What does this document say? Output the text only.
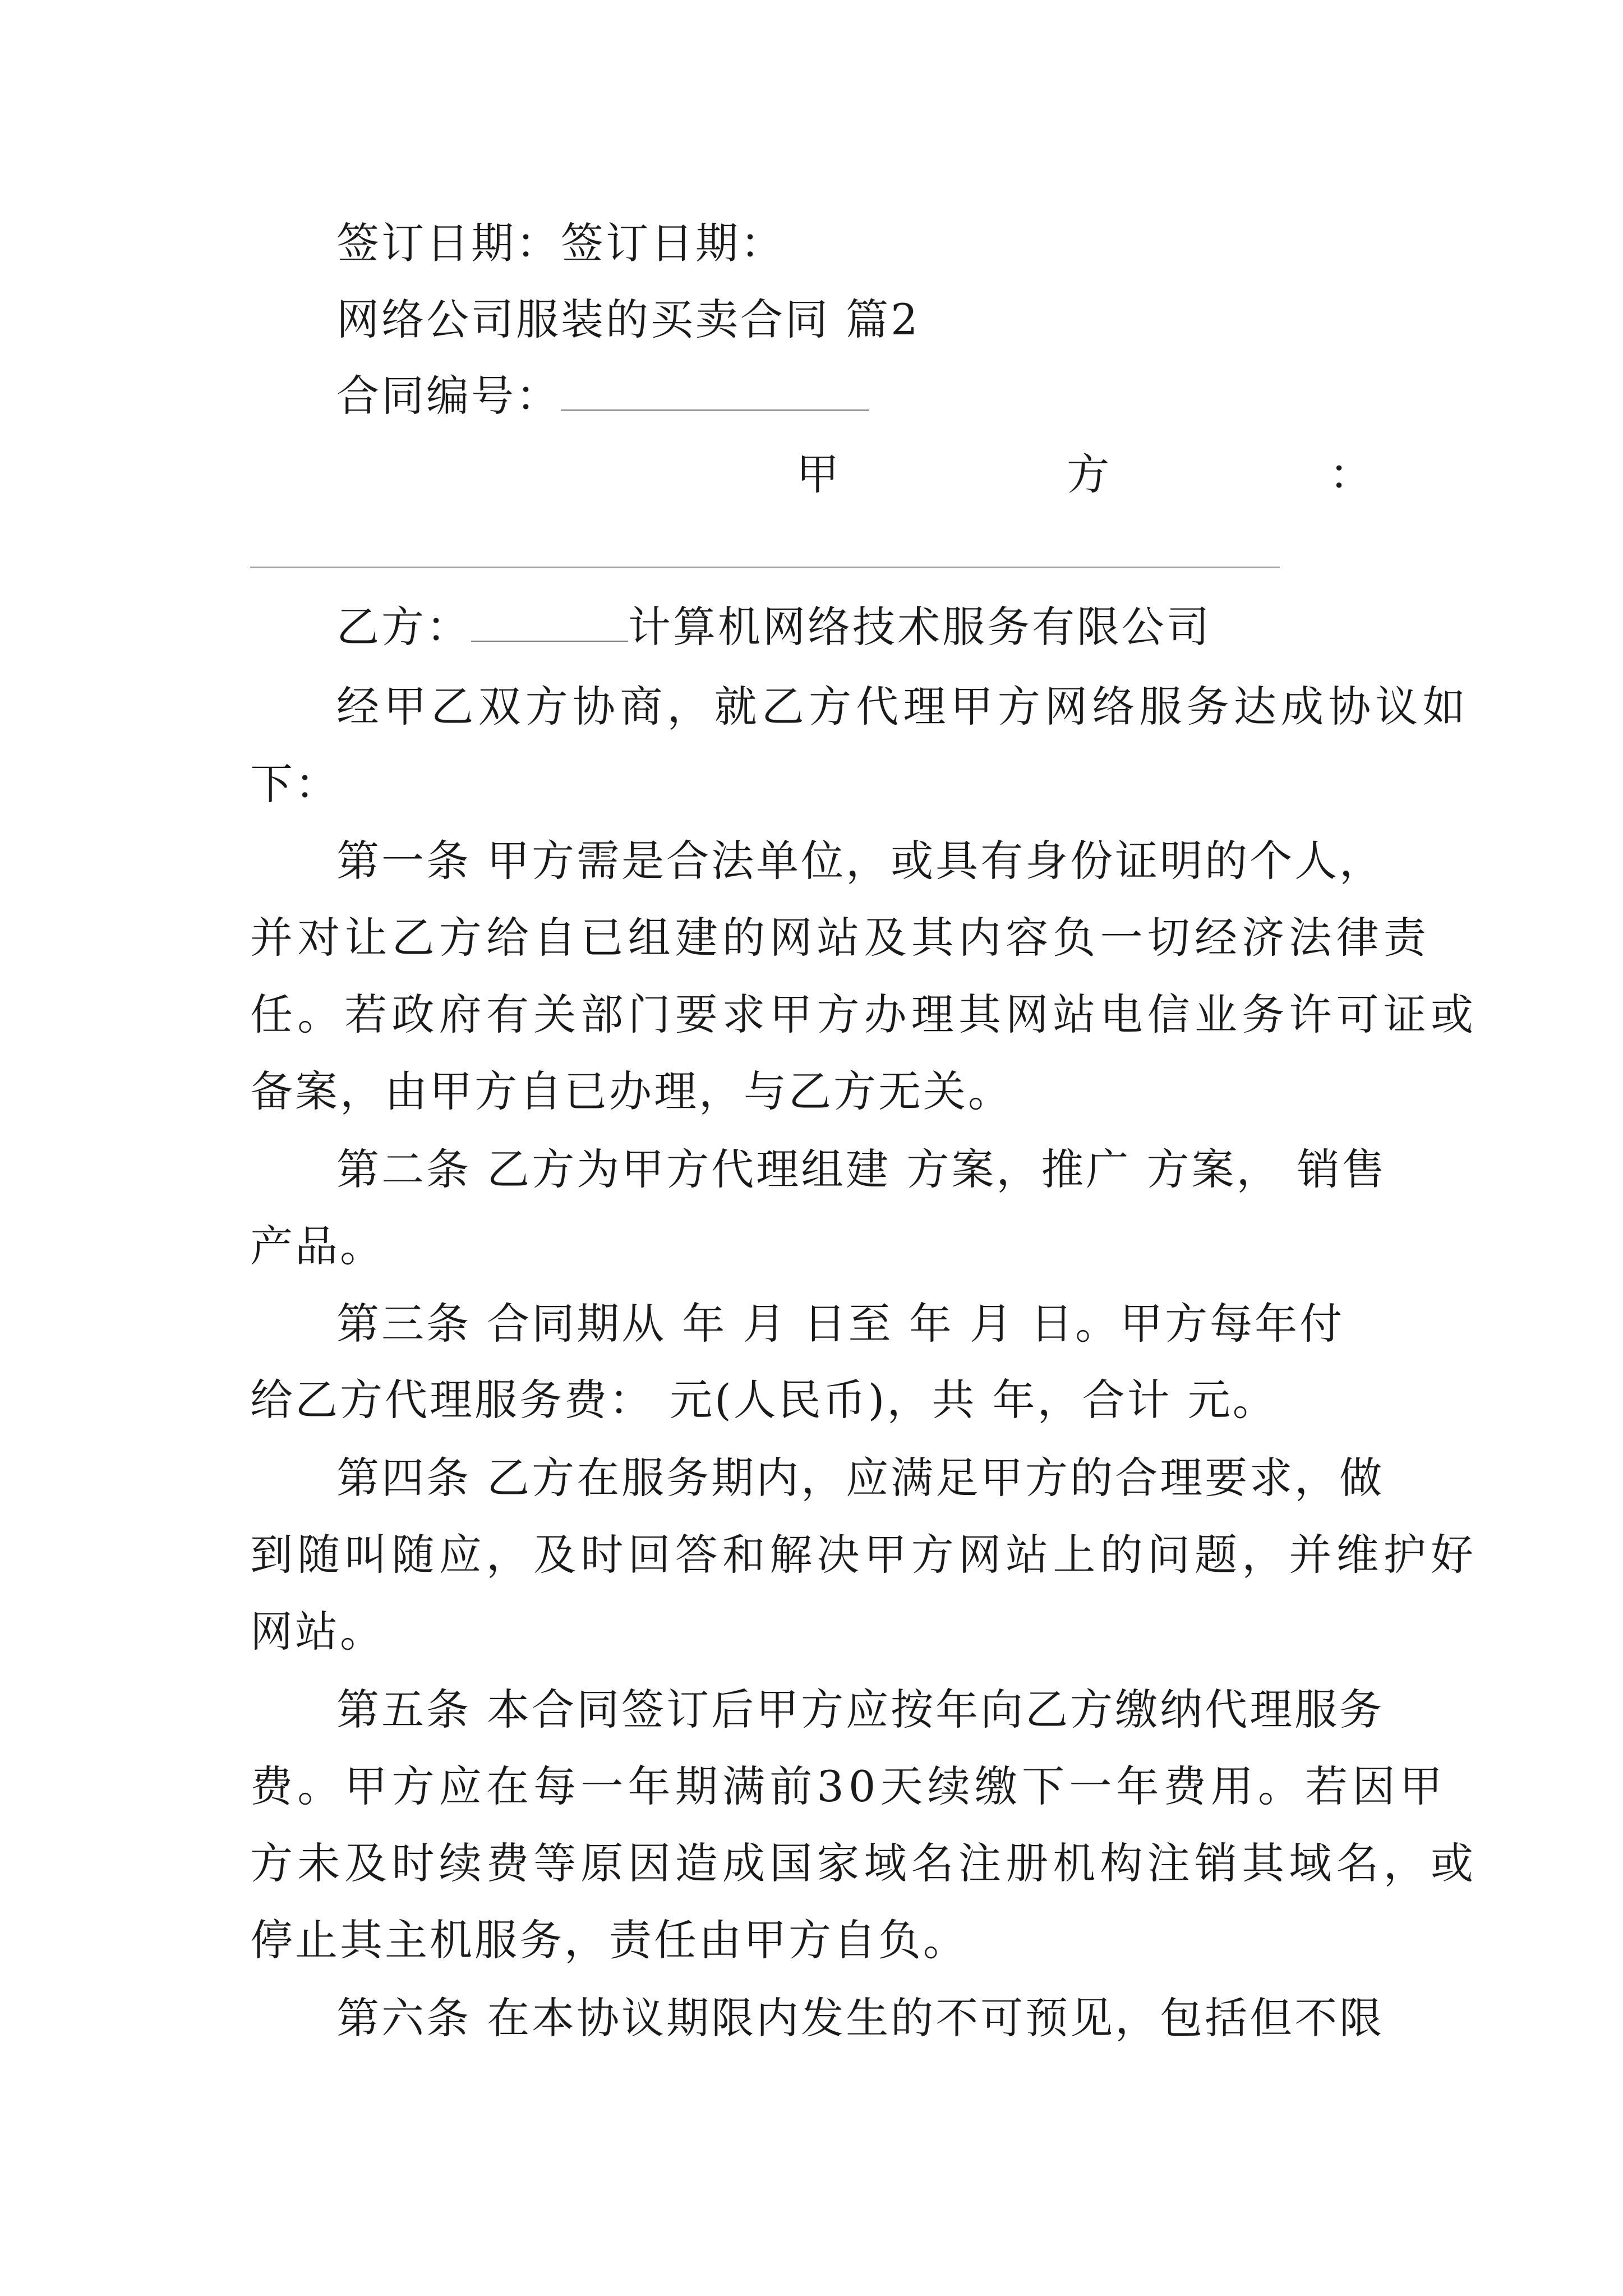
签订日期：签订日期：
网络公司服装的买卖合同 篇2
合同编号：
甲	方	：
乙方：	计算机网络技术服务有限公司
经甲乙双方协商，就乙方代理甲方网络服务达成协议如
下：
第一条 甲方需是合法单位，或具有身份证明的个人，
并对让乙方给自已组建的网站及其内容负一切经济法律责
任。若政府有关部门要求甲方办理其网站电信业务许可证或
备案，由甲方自已办理，与乙方无关。
第二条 乙方为甲方代理组建 方案，推广 方案， 销售
产品。
第三条 合同期从 年 月 日至 年 月 日。甲方每年付
给乙方代理服务费： 元(人民币)，共 年，合计 元。
第四条 乙方在服务期内，应满足甲方的合理要求，做
到随叫随应，及时回答和解决甲方网站上的问题，并维护好
网站。
第五条 本合同签订后甲方应按年向乙方缴纳代理服务
费。甲方应在每一年期满前30天续缴下一年费用。若因甲
方未及时续费等原因造成国家域名注册机构注销其域名，或
停止其主机服务，责任由甲方自负。
第六条 在本协议期限内发生的不可预见，包括但不限
